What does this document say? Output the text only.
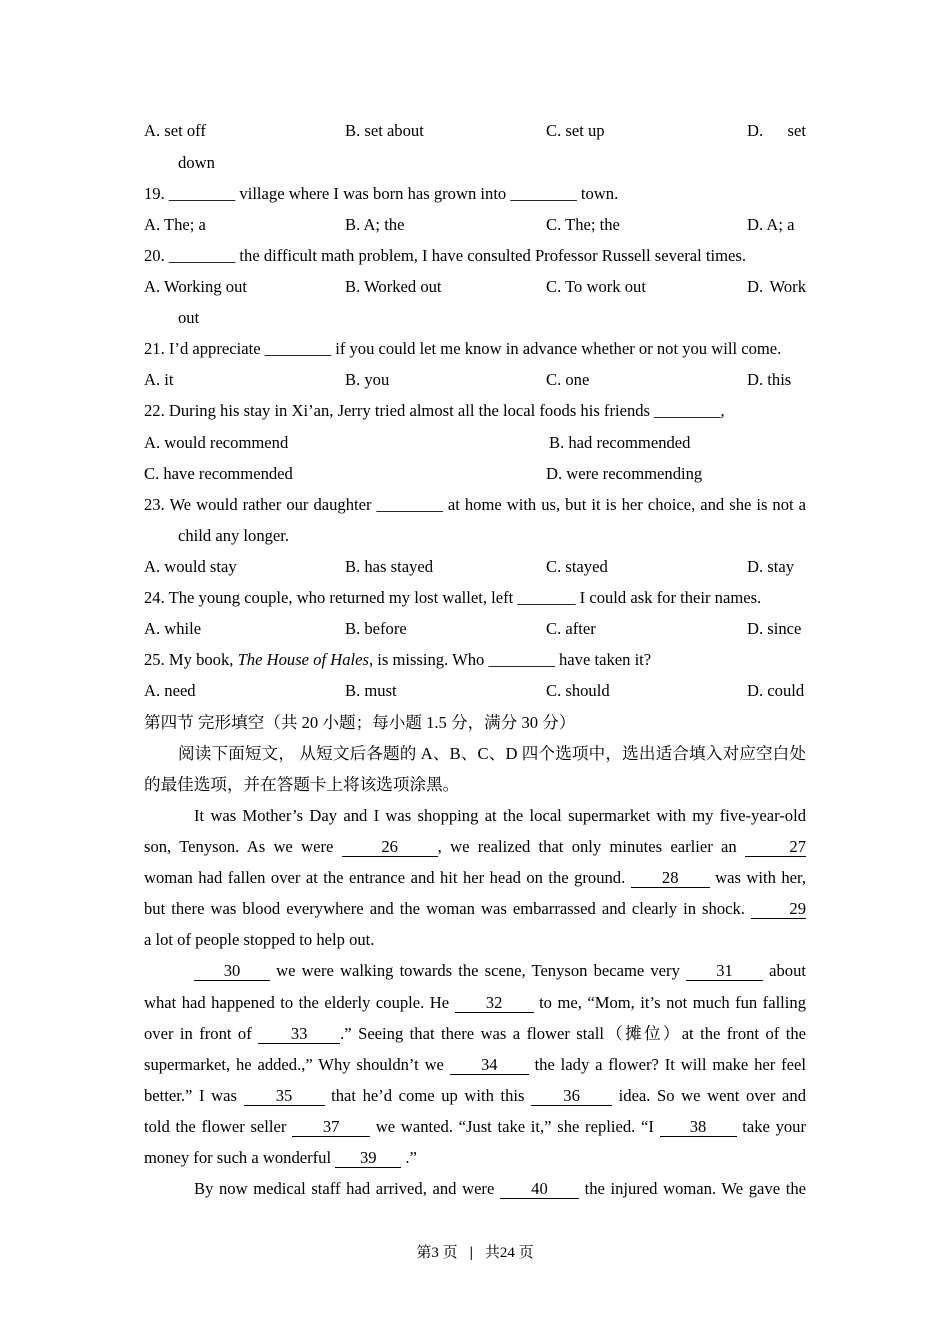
A. set off	B. set about	C. set up	D. set
down
19. ________ village where I was born has grown into ________ town.
A. The; a	B. A; the	C. The; the	D. A; a
20. ________ the difficult math problem, I have consulted Professor Russell several times.
A. Working out	B. Worked out	C. To work out	D. Work
out
21. I’d appreciate ________ if you could let me know in advance whether or not you will come.
A. it	B. you	C. one	D. this
22. During his stay in Xi’an, Jerry tried almost all the local foods his friends ________,
A. would recommend	B. had recommended
C. have recommended	D. were recommending
23. We would rather our daughter ________ at home with us, but it is her choice, and she is not a
child any longer.
A. would stay	B. has stayed	C. stayed	D. stay
24. The young couple, who returned my lost wallet, left _______ I could ask for their names.
A. while	B. before	C. after	D. since
25. My book, The House of Hales, is missing. Who ________ have taken it?
A. need	B. must	C. should	D. could
第四节 完形填空（共 20 小题；每小题 1.5 分，满分 30 分）
阅读下面短文， 从短文后各题的 A、B、C、D 四个选项中，选出适合填入对应空白处
的最佳选项，并在答题卡上将该选项涂黑。
It was Mother’s Day and I was shopping at the local supermarket with my five-year-old
son, Tenyson. As we were 26 , we realized that only minutes earlier an	27
woman had fallen over at the entrance and hit her head on the ground. 28 was with her,
but there was blood everywhere and the woman was embarrassed and clearly in shock. 29
a lot of people stopped to help out.
30 we were walking towards the scene, Tenyson became very 31 about
what had happened to the elderly couple. He 32 to me, “Mom, it’s not much fun falling
over in front of 33 .” Seeing that there was a flower stall（摊位）at the front of the
supermarket, he added.,” Why shouldn’t we 34 the lady a flower? It will make her feel
better.” I was 35 that he’d come up with this 36 idea. So we went over and
told the flower seller 37 we wanted. “Just take it,” she replied. “I 38 take your
money for such a wonderful 39 .”
By now medical staff had arrived, and were 40 the injured woman. We gave the
第3 页 | 共24 页
